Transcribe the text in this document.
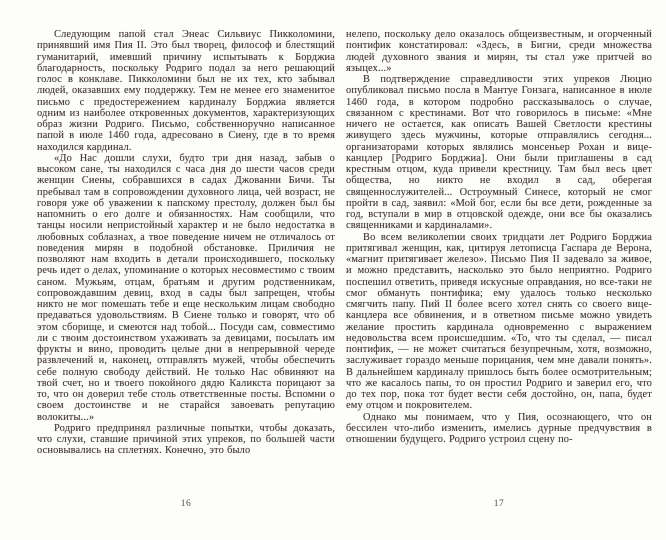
Следующим папой стал Энеас Сильвиус Пикколомини, принявший имя Пия II. Это был творец, философ и блестящий гуманитарий, имевший причину испытывать к Борджиа благодарность, поскольку Родриго подал за него решающий голос в конклаве. Пикколомини был не их тех, кто забывал людей, оказавших ему поддержку. Тем не менее его знаменитое письмо с предостережением кардиналу Борджиа является одним из наиболее откровенных документов, характеризующих образ жизни Родриго. Письмо, собственноручно написанное папой в июле 1460 года, адресовано в Сиену, где в то время находился кардинал.

«До Нас дошли слухи, будто три дня назад, забыв о высоком сане, ты находился с часа дня до шести часов среди женщин Сиены, собравшихся в садах Джованни Бичи. Ты пребывал там в сопровождении духовного лица, чей возраст, не говоря уже об уважении к папскому престолу, должен был бы напомнить о его долге и обязанностях. Нам сообщили, что танцы носили непристойный характер и не было недостатка в любовных соблазнах, а твое поведение ничем не отличалось от поведения мирян в подобной обстановке. Приличия не позволяют нам входить в детали происходившего, поскольку речь идет о делах, упоминание о которых несовместимо с твоим саном. Мужьям, отцам, братьям и другим родственникам, сопровождавшим девиц, вход в сады был запрещен, чтобы никто не мог помешать тебе и еще нескольким лицам свободно предаваться удовольствиям. В Сиене только и говорят, что об этом сборище, и смеются над тобой... Посуди сам, совместимо ли с твоим достоинством ухаживать за девицами, посылать им фрукты и вино, проводить целые дни в непрерывной череде развлечений и, наконец, отправлять мужей, чтобы обеспечить себе полную свободу действий. Не только Нас обвиняют на твой счет, но и твоего покойного дядю Каликста порицают за то, что он доверил тебе столь ответственные посты. Вспомни о своем достоинстве и не старайся завоевать репутацию волокиты...»

Родриго предпринял различные попытки, чтобы доказать, что слухи, ставшие причиной этих упреков, по большей части основывались на сплетнях. Конечно, это было

16

нелепо, поскольку дело оказалось общеизвестным, и огорченный понтифик констатировал: «Здесь, в Бигни, среди множества людей духовного звания и мирян, ты стал уже притчей во языцех...»

В подтверждение справедливости этих упреков Люцио опубликовал письмо посла в Мантуе Гонзага, написанное в июле 1460 года, в котором подробно рассказывалось о случае, связанном с крестинами. Вот что говорилось в письме: «Мне ничего не остается, как описать Вашей Светлости крестины живущего здесь мужчины, которые отправлялись сегодня... организаторами которых являлись монсеньер Рохан и вице-канцлер [Родриго Борджиа]. Они были приглашены в сад крестным отцом, куда привели крестницу. Там был весь цвет общества, но никто не входил в сад, оберегая священнослужителей... Остроумный Синесе, который не смог пройти в сад, заявил: «Мой бог, если бы все дети, рожденные за год, вступали в мир в отцовской одежде, они все бы оказались священниками и кардиналами».

Во всем великолепии своих тридцати лет Родриго Борджиа притягивал женщин, как, цитируя летописца Гаспара де Верона, «магнит притягивает железо». Письмо Пия II задевало за живое, и можно представить, насколько это было неприятно. Родриго поспешил ответить, приведя искусные оправдания, но все-таки не смог обмануть понтифика; ему удалось только несколько смягчить папу. Пий II более всего хотел снять со своего вице-канцлера все обвинения, и в ответном письме можно увидеть желание простить кардинала одновременно с выражением недовольства всем происшедшим. «То, что ты сделал, — писал понтифик, — не может считаться безупречным, хотя, возможно, заслуживает гораздо меньше порицания, чем мне давали понять». В дальнейшем кардиналу пришлось быть более осмотрительным; что же касалось папы, то он простил Родриго и заверил его, что до тех пор, пока тот будет вести себя достойно, он, папа, будет ему отцом и покровителем.

Однако мы понимаем, что у Пия, осознающего, что он бессилен что-либо изменить, имелись дурные предчувствия в отношении будущего. Родриго устроил сцену по-

17
